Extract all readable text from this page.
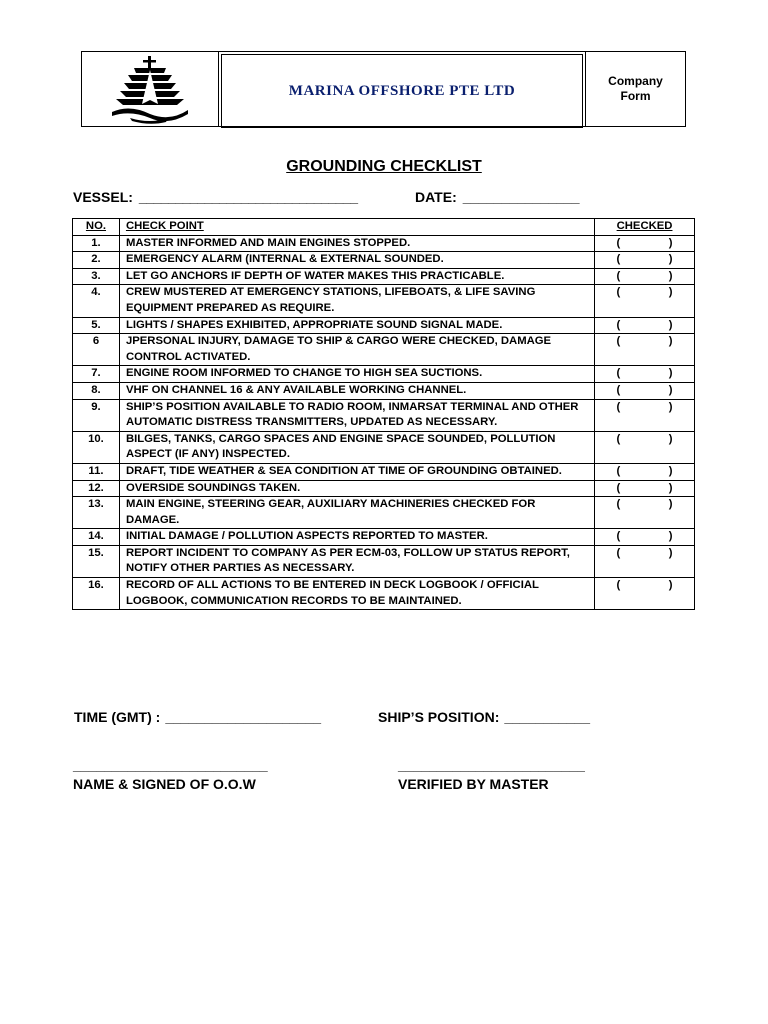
MARINA OFFSHORE PTE LTD
Company
Form
GROUNDING CHECKLIST
VESSEL: ______________________________	DATE: _______________
NO.	CHECK POINT	CHECKED
1.	MASTER INFORMED AND MAIN ENGINES STOPPED.	( )

2.	EMERGENCY ALARM (INTERNAL & EXTERNAL SOUNDED.	( )

3.	LET GO ANCHORS IF DEPTH OF WATER MAKES THIS PRACTICABLE.	( )

4.	CREW MUSTERED AT EMERGENCY STATIONS, LIFEBOATS, & LIFE SAVING EQUIPMENT PREPARED AS REQUIRE.	( )

5.	LIGHTS / SHAPES EXHIBITED, APPROPRIATE SOUND SIGNAL MADE.	( )

6	JPERSONAL INJURY, DAMAGE TO SHIP & CARGO WERE CHECKED, DAMAGE CONTROL ACTIVATED.	( )

7.	ENGINE ROOM INFORMED TO CHANGE TO HIGH SEA SUCTIONS.	( )

8.	VHF ON CHANNEL 16 & ANY AVAILABLE WORKING CHANNEL.	( )

9.	SHIP’S POSITION AVAILABLE TO RADIO ROOM, INMARSAT TERMINAL AND OTHER AUTOMATIC DISTRESS TRANSMITTERS, UPDATED AS NECESSARY.	( )

10.	BILGES, TANKS, CARGO SPACES AND ENGINE SPACE SOUNDED, POLLUTION ASPECT (IF ANY) INSPECTED.	( )

11.	DRAFT, TIDE WEATHER & SEA CONDITION AT TIME OF GROUNDING OBTAINED.	( )

12.	OVERSIDE SOUNDINGS TAKEN.	( )

13.	MAIN ENGINE, STEERING GEAR, AUXILIARY MACHINERIES CHECKED FOR DAMAGE.	( )

14.	INITIAL DAMAGE / POLLUTION ASPECTS REPORTED TO MASTER.	( )

15.	REPORT INCIDENT TO COMPANY AS PER ECM-03, FOLLOW UP STATUS REPORT, NOTIFY OTHER PARTIES AS NECESSARY.	( )

16.	RECORD OF ALL ACTIONS TO BE ENTERED IN DECK LOGBOOK / OFFICIAL LOGBOOK, COMMUNICATION RECORDS TO BE MAINTAINED.	( )
TIME (GMT) : ____________________	SHIP’S POSITION: ___________
_________________________
NAME & SIGNED OF O.O.W
________________________
VERIFIED BY MASTER
